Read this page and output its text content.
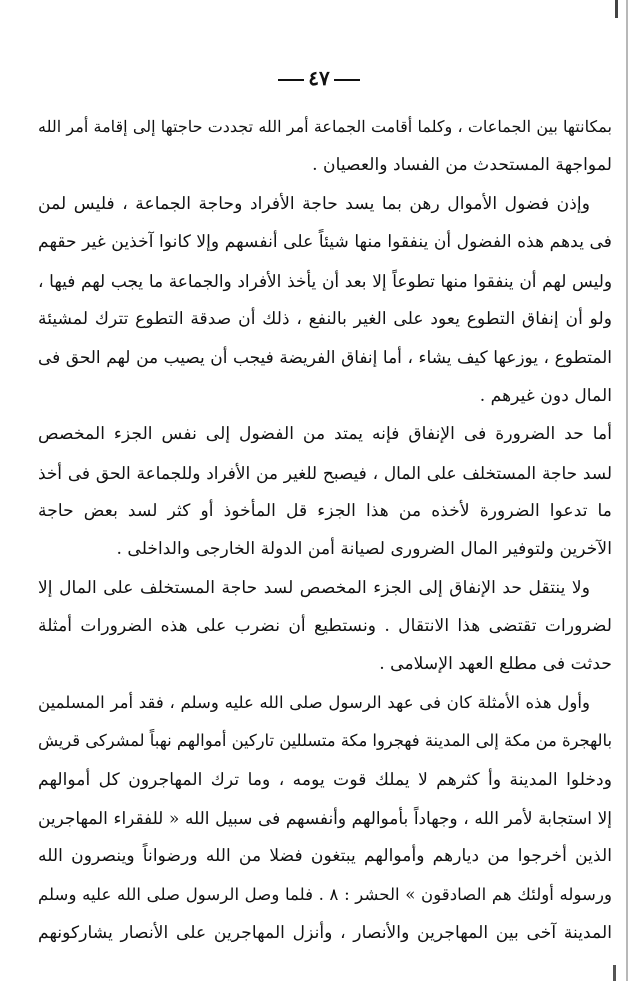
٤٧
بمكانتها بين الجماعات ، وكلما أقامت الجماعة أمر الله تجددت حاجتها إلى إقامة أمر الله
لمواجهة المستحدث من الفساد والعصيان .
وإذن فضول الأموال رهن بما يسد حاجة الأفراد وحاجة الجماعة ، فليس لمن
فى يدهم هذه الفضول أن ينفقوا منها شيئاً على أنفسهم وإلا كانوا آخذين غير حقهم
وليس لهم أن ينفقوا منها تطوعاً إلا بعد أن يأخذ الأفراد والجماعة ما يجب لهم فيها ،
ولو أن إنفاق التطوع يعود على الغير بالنفع ، ذلك أن صدقة التطوع تترك لمشيئة
المتطوع ، يوزعها كيف يشاء ، أما إنفاق الفريضة فيجب أن يصيب من لهم الحق فى
المال دون غيرهم .
أما حد الضرورة فى الإنفاق فإنه يمتد من الفضول إلى نفس الجزء المخصص
لسد حاجة المستخلف على المال ، فيصبح للغير من الأفراد وللجماعة الحق فى أخذ
ما تدعوا الضرورة لأخذه من هذا الجزء قل المأخوذ أو كثر لسد بعض حاجة
الآخرين ولتوفير المال الضرورى لصيانة أمن الدولة الخارجى والداخلى .
ولا ينتقل حد الإنفاق إلى الجزء المخصص لسد حاجة المستخلف على المال إلا
لضرورات تقتضى هذا الانتقال . ونستطيع أن نضرب على هذه الضرورات أمثلة
حدثت فى مطلع العهد الإسلامى .
وأول هذه الأمثلة كان فى عهد الرسول صلى الله عليه وسلم ، فقد أمر المسلمين
بالهجرة من مكة إلى المدينة فهجروا مكة متسللين تاركين أموالهم نهباً لمشركى قريش
ودخلوا المدينة وأ كثرهم لا يملك قوت يومه ، وما ترك المهاجرون كل أموالهم
إلا استجابة لأمر الله ، وجهاداً بأموالهم وأنفسهم فى سبيل الله « للفقراء المهاجرين
الذين أخرجوا من ديارهم وأموالهم يبتغون فضلا من الله ورضواناً وينصرون الله
ورسوله أولئك هم الصادقون » الحشر : ٨ . فلما وصل الرسول صلى الله عليه وسلم
المدينة آخى بين المهاجرين والأنصار ، وأنزل المهاجرين على الأنصار يشاركونهم
